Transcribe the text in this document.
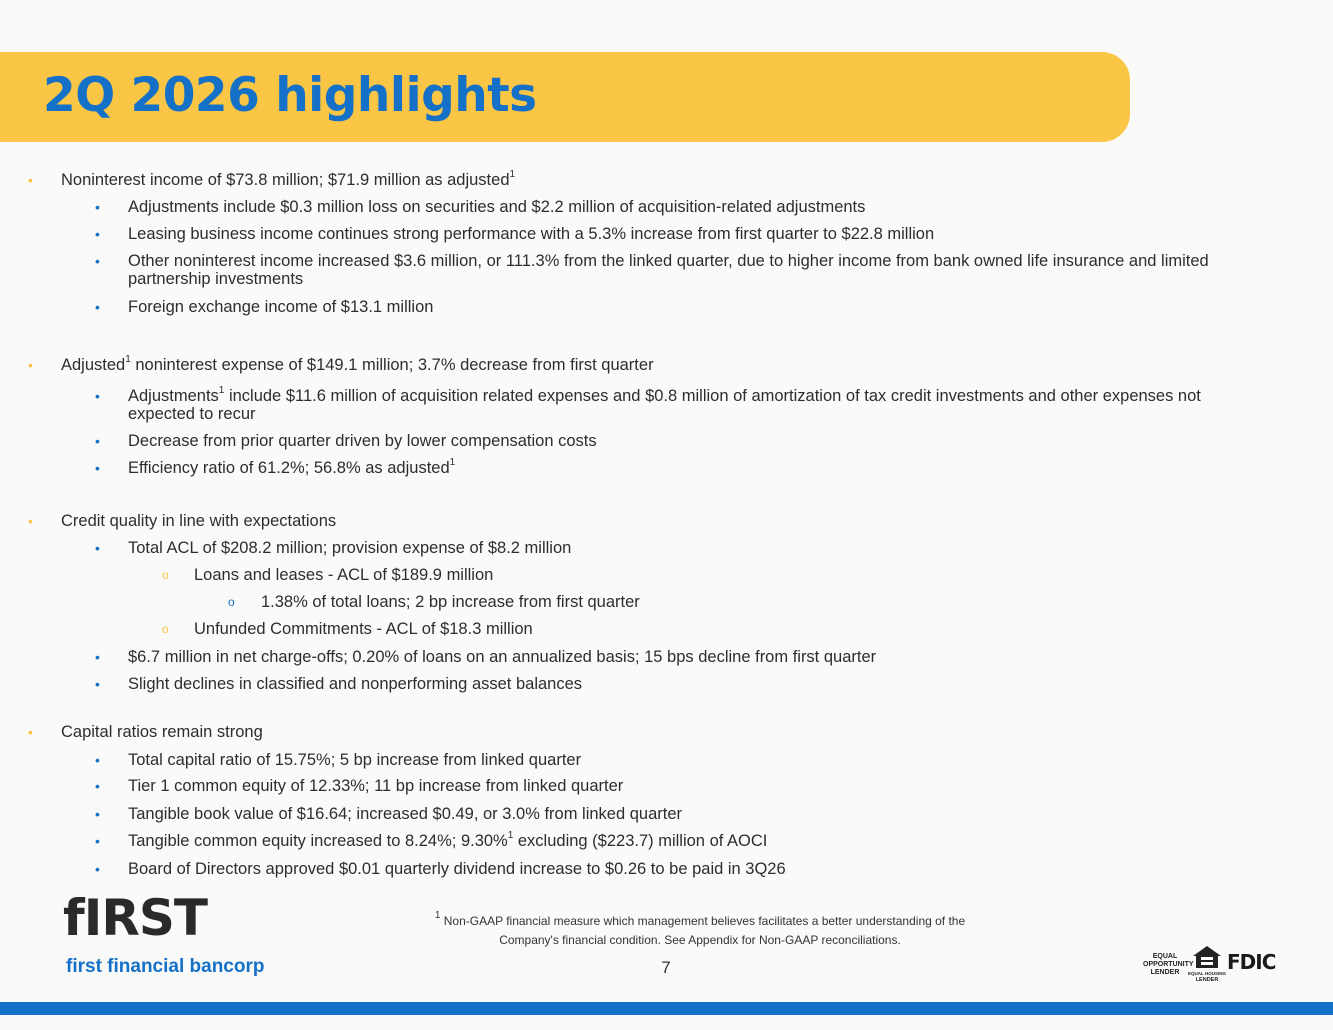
2Q 2026 highlights
• Noninterest income of $73.8 million; $71.9 million as adjusted$^1$
• Adjustments include $0.3 million loss on securities and $2.2 million of acquisition-related adjustments
• Leasing business income continues strong performance with a 5.3% increase from first quarter to $22.8 million
• Other noninterest income increased $3.6 million, or 111.3% from the linked quarter, due to higher income from bank owned life insurance and limited partnership investments
• Foreign exchange income of $13.1 million
• Adjusted$^1$ noninterest expense of $149.1 million; 3.7% decrease from first quarter
• Adjustments$^1$ include $11.6 million of acquisition related expenses and $0.8 million of amortization of tax credit investments and other expenses not expected to recur
• Decrease from prior quarter driven by lower compensation costs
• Efficiency ratio of 61.2%; 56.8% as adjusted$^1$
• Credit quality in line with expectations
• Total ACL of $208.2 million; provision expense of $8.2 million
o Loans and leases - ACL of $189.9 million
o 1.38% of total loans; 2 bp increase from first quarter
o Unfunded Commitments - ACL of $18.3 million
• $6.7 million in net charge-offs; 0.20% of loans on an annualized basis; 15 bps decline from first quarter
• Slight declines in classified and nonperforming asset balances
• Capital ratios remain strong
• Total capital ratio of 15.75%; 5 bp increase from linked quarter
• Tier 1 common equity of 12.33%; 11 bp increase from linked quarter
• Tangible book value of $16.64; increased $0.49, or 3.0% from linked quarter
• Tangible common equity increased to 8.24%; 9.30%$^1$ excluding ($223.7) million of AOCI
• Board of Directors approved $0.01 quarterly dividend increase to $0.26 to be paid in 3Q26
fIRST
first financial bancorp
$^1$ Non-GAAP financial measure which management believes facilitates a better understanding of the
Company's financial condition. See Appendix for Non-GAAP reconciliations.
7
EQUAL OPPORTUNITY LENDER	EQUAL HOUSING
LENDER
FDIC
